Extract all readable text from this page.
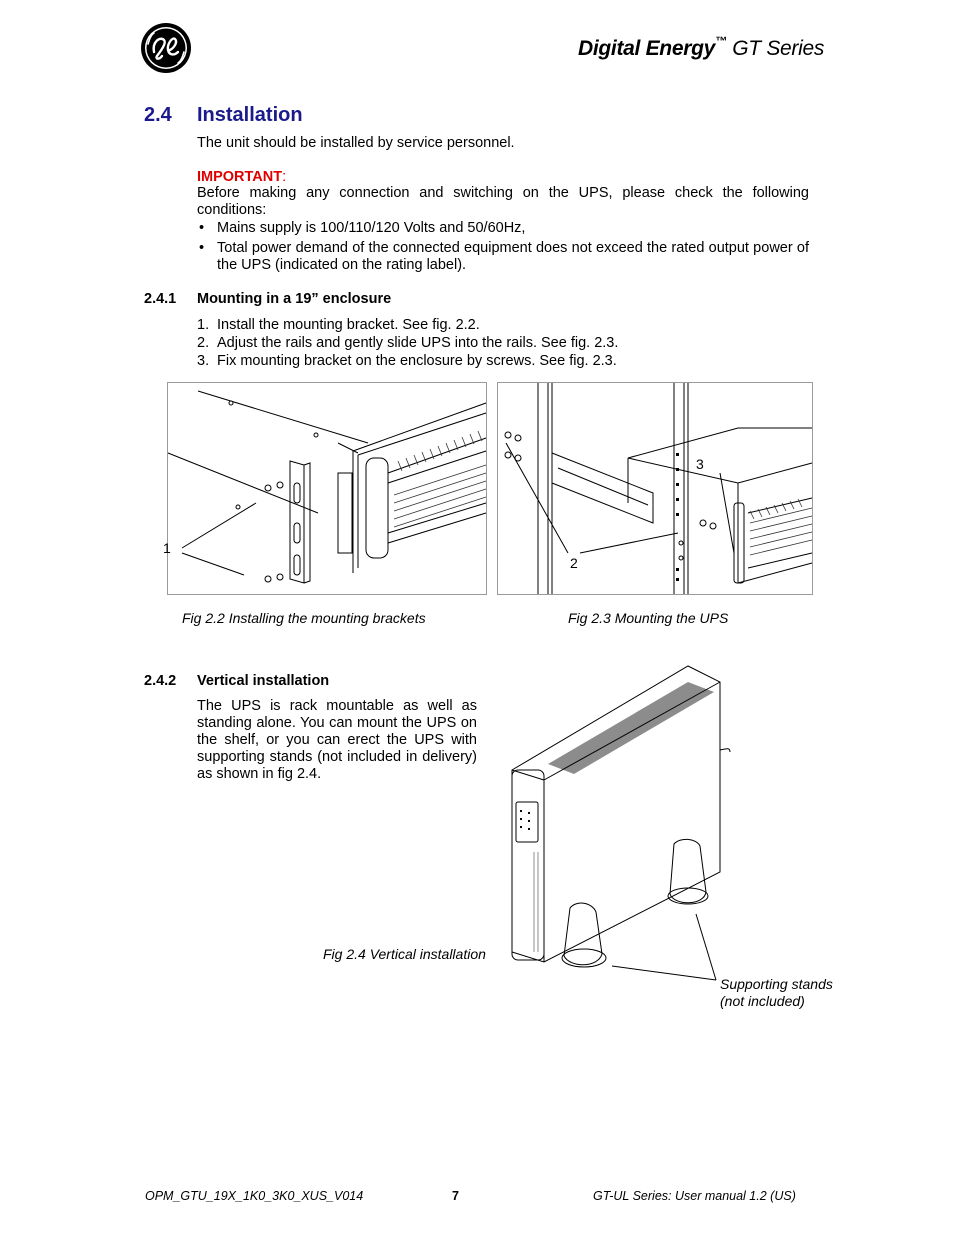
Digital Energy™ GT Series
2.4 Installation
The unit should be installed by service personnel.
IMPORTANT:
Before making any connection and switching on the UPS, please check the following conditions:
• Mains supply is 100/110/120 Volts and 50/60Hz,
• Total power demand of the connected equipment does not exceed the rated output power of the UPS (indicated on the rating label).
2.4.1 Mounting in a 19” enclosure
1. Install the mounting bracket. See fig. 2.2.
2. Adjust the rails and gently slide UPS into the rails. See fig. 2.3.
3. Fix mounting bracket on the enclosure by screws. See fig. 2.3.
1
Fig 2.2 Installing the mounting brackets
2
3
Fig 2.3 Mounting the UPS
2.4.2 Vertical installation
The UPS is rack mountable as well as standing alone. You can mount the UPS on the shelf, or you can erect the UPS with supporting stands (not included in delivery) as shown in fig 2.4.
Fig 2.4 Vertical installation
Supporting stands
(not included)
OPM_GTU_19X_1K0_3K0_XUS_V014	7	GT-UL Series: User manual 1.2 (US)
